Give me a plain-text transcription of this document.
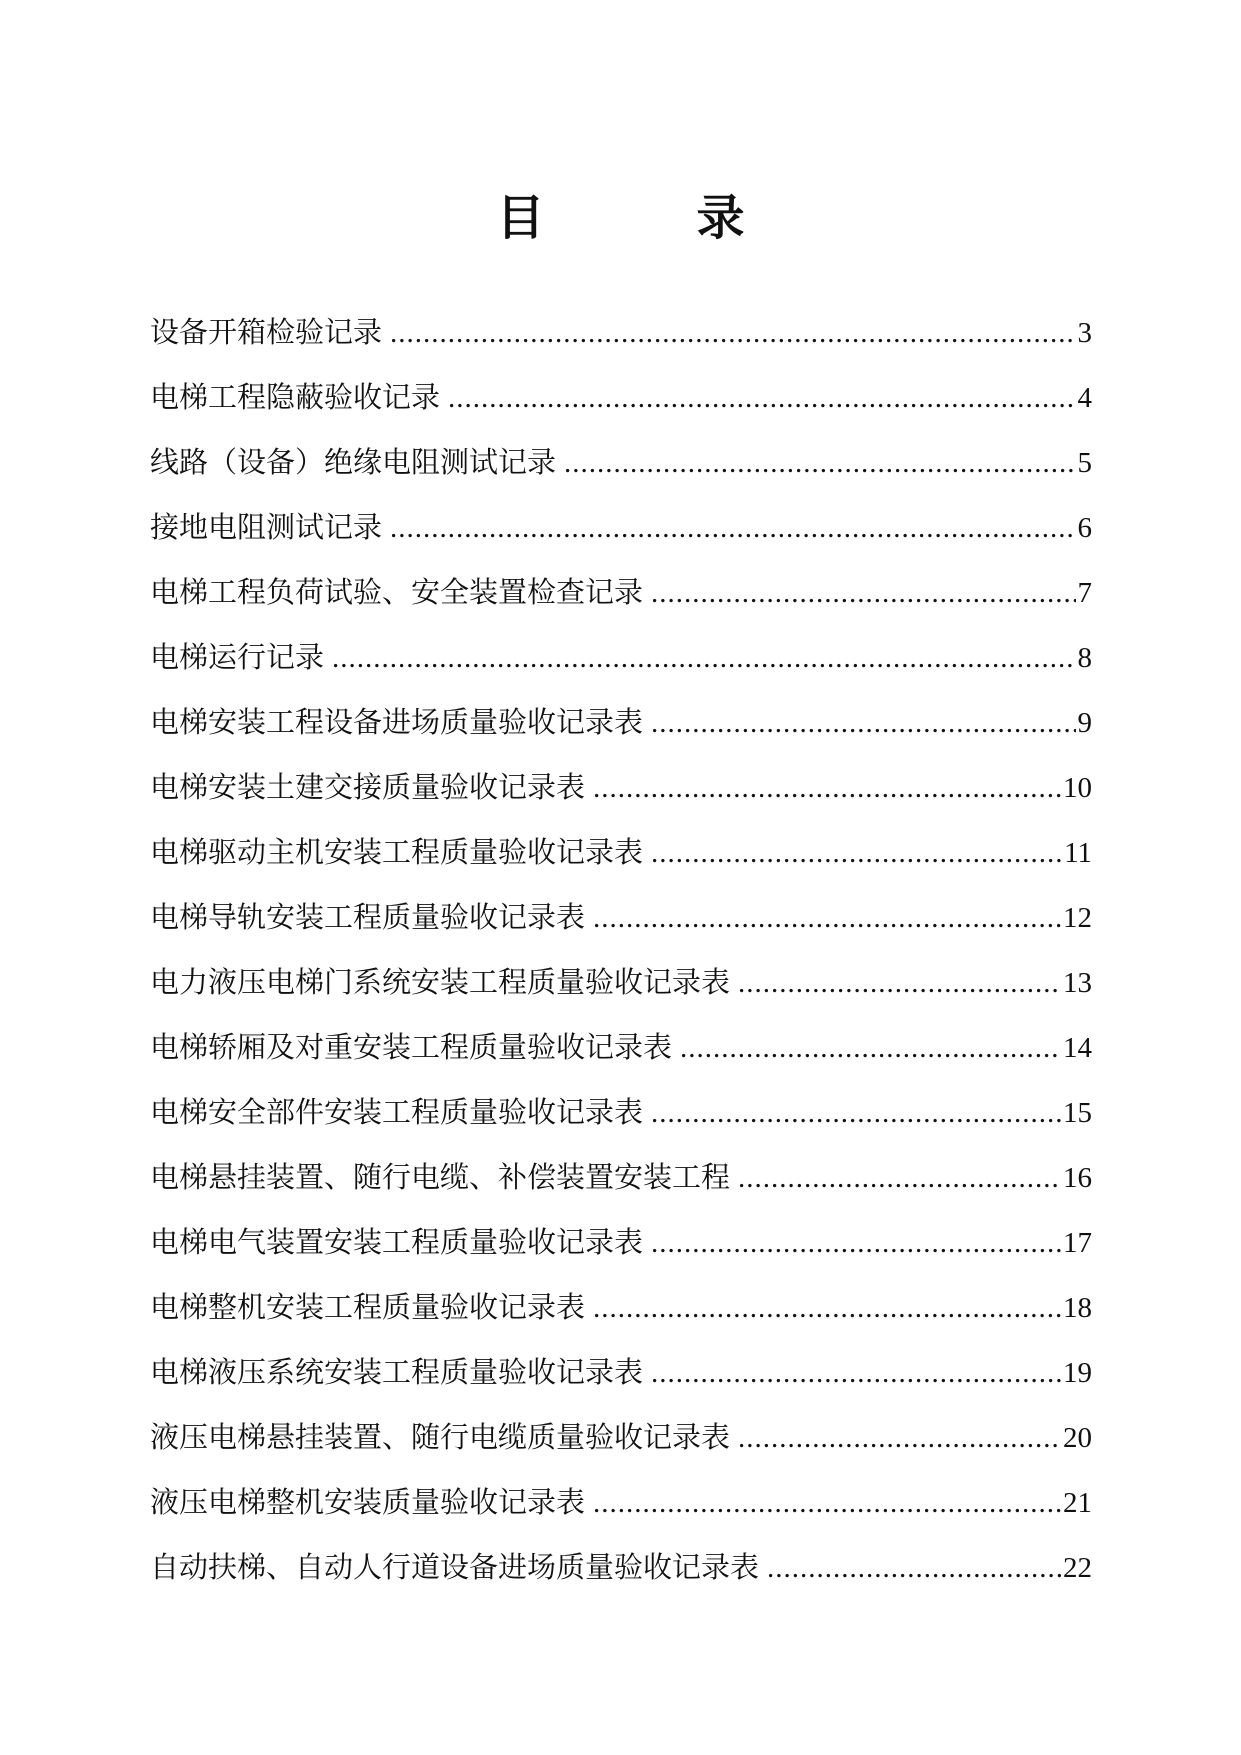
目　录
设备开箱检验记录 .....	3
电梯工程隐蔽验收记录 .....	4
线路（设备）绝缘电阻测试记录 .....	5
接地电阻测试记录 .....	6
电梯工程负荷试验、安全装置检查记录 .....	7
电梯运行记录 .....	8
电梯安装工程设备进场质量验收记录表 .....	9
电梯安装土建交接质量验收记录表 .....	10
电梯驱动主机安装工程质量验收记录表 .....	11
电梯导轨安装工程质量验收记录表 .....	12
电力液压电梯门系统安装工程质量验收记录表 .....	13
电梯轿厢及对重安装工程质量验收记录表 .....	14
电梯安全部件安装工程质量验收记录表 .....	15
电梯悬挂装置、随行电缆、补偿装置安装工程 .....	16
电梯电气装置安装工程质量验收记录表 .....	17
电梯整机安装工程质量验收记录表 .....	18
电梯液压系统安装工程质量验收记录表 .....	19
液压电梯悬挂装置、随行电缆质量验收记录表 .....	20
液压电梯整机安装质量验收记录表 .....	21
自动扶梯、自动人行道设备进场质量验收记录表 .....	22
